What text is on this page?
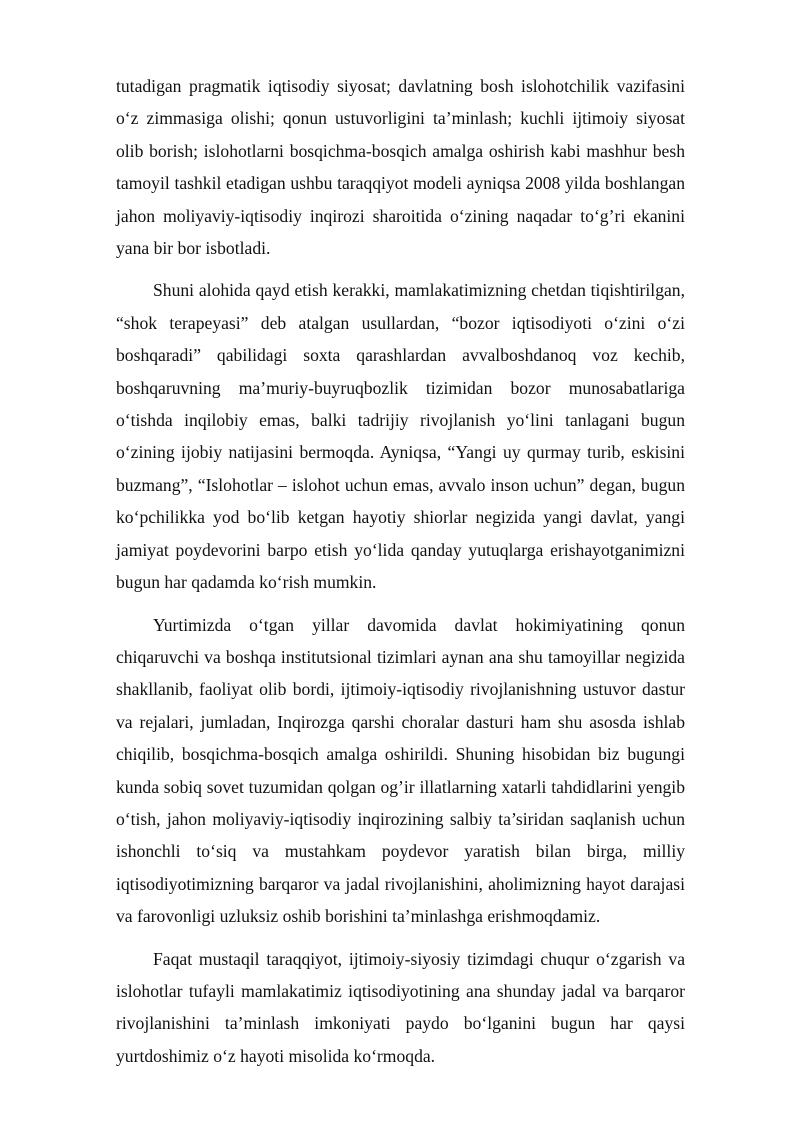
tutadigan pragmatik iqtisodiy siyosat; davlatning bosh islohotchilik vazifasini o‘z zimmasiga olishi; qonun ustuvorligini ta’minlash; kuchli ijtimoiy siyosat olib borish; islohotlarni bosqichma-bosqich amalga oshirish kabi mashhur besh tamoyil tashkil etadigan ushbu taraqqiyot modeli ayniqsa 2008 yilda boshlangan jahon moliyaviy-iqtisodiy inqirozi sharoitida o‘zining naqadar to‘g’ri ekanini yana bir bor isbotladi.

Shuni alohida qayd etish kerakki, mamlakatimizning chetdan tiqishtirilgan, “shok terapeyasi” deb atalgan usullardan, “bozor iqtisodiyoti o‘zini o‘zi boshqaradi” qabilidagi soxta qarashlardan avvalboshdanoq voz kechib, boshqaruvning ma’muriy-buyruqbozlik tizimidan bozor munosabatlariga o‘tishda inqilobiy emas, balki tadrijiy rivojlanish yo‘lini tanlagani bugun o‘zining ijobiy natijasini bermoqda. Ayniqsa, “Yangi uy qurmay turib, eskisini buzmang”, “Islohotlar – islohot uchun emas, avvalo inson uchun” degan, bugun ko‘pchilikka yod bo‘lib ketgan hayotiy shiorlar negizida yangi davlat, yangi jamiyat poydevorini barpo etish yo‘lida qanday yutuqlarga erishayotganimizni bugun har qadamda ko‘rish mumkin.

Yurtimizda o‘tgan yillar davomida davlat hokimiyatining qonun chiqaruvchi va boshqa institutsional tizimlari aynan ana shu tamoyillar negizida shakllanib, faoliyat olib bordi, ijtimoiy-iqtisodiy rivojlanishning ustuvor dastur va rejalari, jumladan, Inqirozga qarshi choralar dasturi ham shu asosda ishlab chiqilib, bosqichma-bosqich amalga oshirildi. Shuning hisobidan biz bugungi kunda sobiq sovet tuzumidan qolgan og’ir illatlarning xatarli tahdidlarini yengib o‘tish, jahon moliyaviy-iqtisodiy inqirozining salbiy ta’siridan saqlanish uchun ishonchli to‘siq va mustahkam poydevor yaratish bilan birga, milliy iqtisodiyotimizning barqaror va jadal rivojlanishini, aholimizning hayot darajasi va farovonligi uzluksiz oshib borishini ta’minlashga erishmoqdamiz.

Faqat mustaqil taraqqiyot, ijtimoiy-siyosiy tizimdagi chuqur o‘zgarish va islohotlar tufayli mamlakatimiz iqtisodiyotining ana shunday jadal va barqaror rivojlanishini ta’minlash imkoniyati paydo bo‘lganini bugun har qaysi yurtdoshimiz o‘z hayoti misolida ko‘rmoqda.
